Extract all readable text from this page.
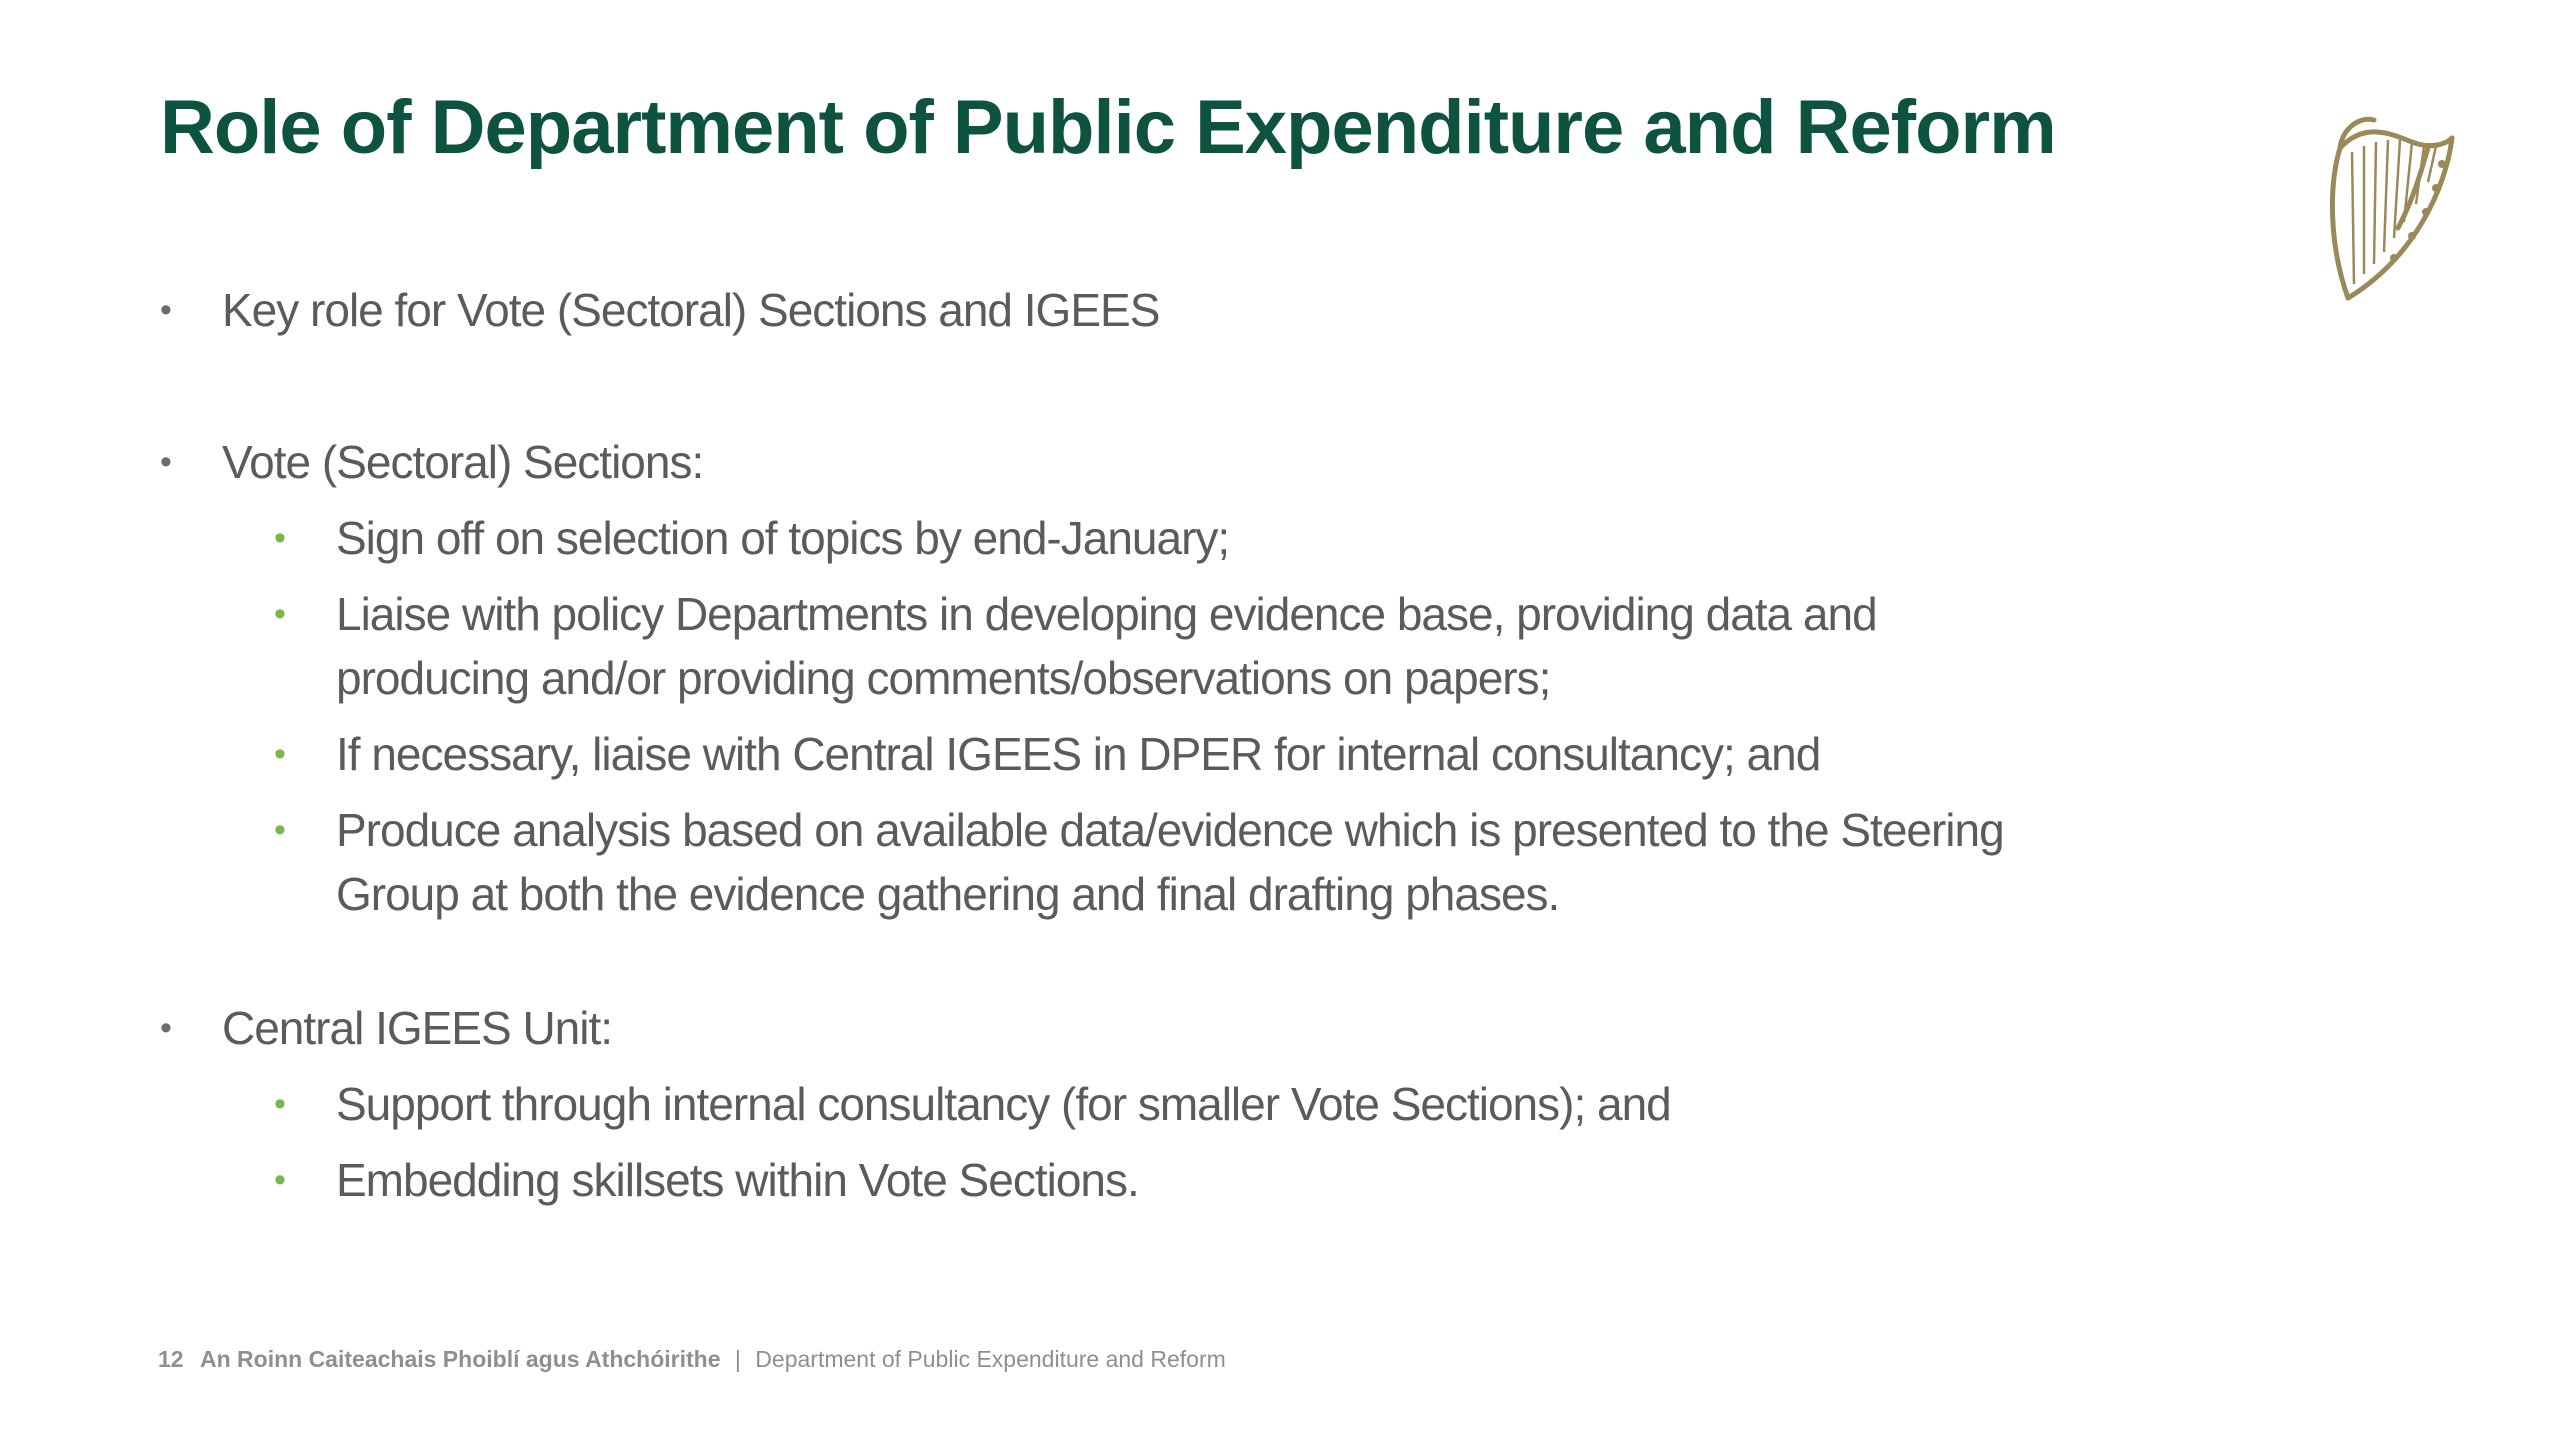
Role of Department of Public Expenditure and Reform
• Key role for Vote (Sectoral) Sections and IGEES
• Vote (Sectoral) Sections:
• Sign off on selection of topics by end-January;
• Liaise with policy Departments in developing evidence base, providing data and producing and/or providing comments/observations on papers;
• If necessary, liaise with Central IGEES in DPER for internal consultancy; and
• Produce analysis based on available data/evidence which is presented to the Steering Group at both the evidence gathering and final drafting phases.
• Central IGEES Unit:
• Support through internal consultancy (for smaller Vote Sections); and
• Embedding skillsets within Vote Sections.
12 An Roinn Caiteachais Phoiblí agus Athchóirithe | Department of Public Expenditure and Reform
